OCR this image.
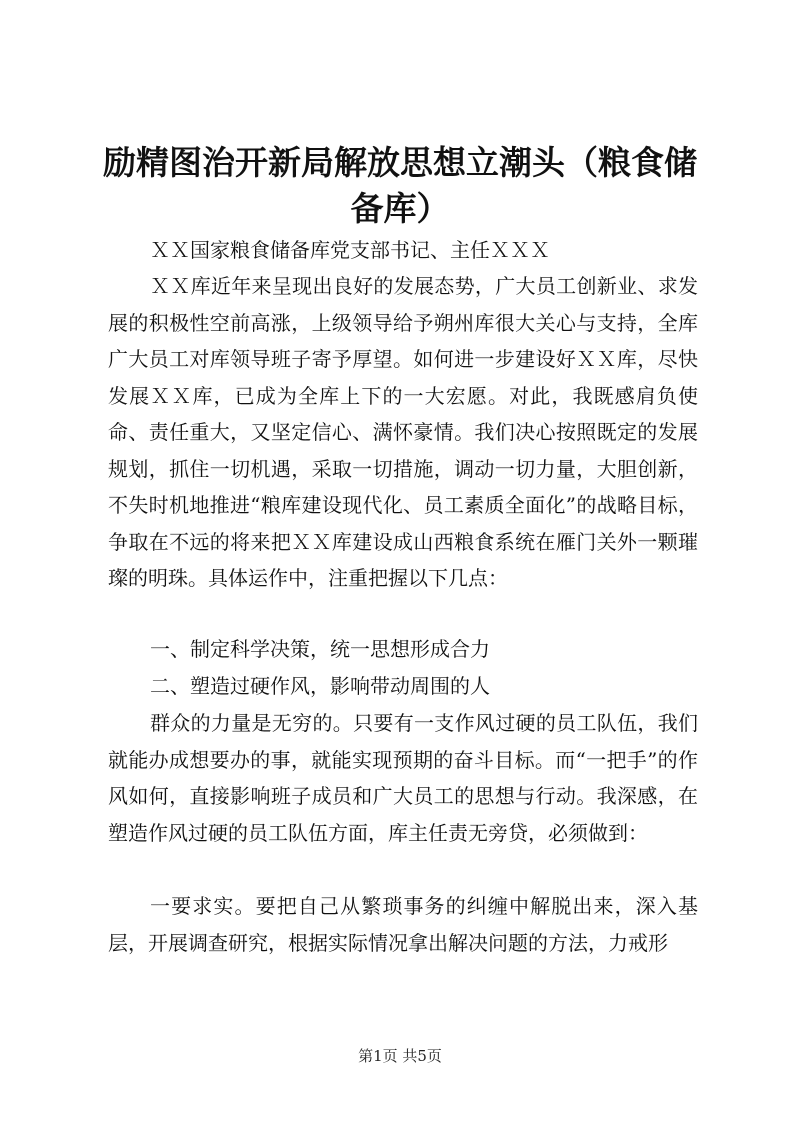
励精图治开新局解放思想立潮头（粮食储备库）

ＸＸ国家粮食储备库党支部书记、主任ＸＸＸ

ＸＸ库近年来呈现出良好的发展态势，广大员工创新业、求发展的积极性空前高涨，上级领导给予朔州库很大关心与支持，全库广大员工对库领导班子寄予厚望。如何进一步建设好ＸＸ库，尽快发展ＸＸ库，已成为全库上下的一大宏愿。对此，我既感肩负使命、责任重大，又坚定信心、满怀豪情。我们决心按照既定的发展规划，抓住一切机遇，采取一切措施，调动一切力量，大胆创新，不失时机地推进“粮库建设现代化、员工素质全面化”的战略目标，争取在不远的将来把ＸＸ库建设成山西粮食系统在雁门关外一颗璀璨的明珠。具体运作中，注重把握以下几点：

一、制定科学决策，统一思想形成合力

二、塑造过硬作风，影响带动周围的人

群众的力量是无穷的。只要有一支作风过硬的员工队伍，我们就能办成想要办的事，就能实现预期的奋斗目标。而“一把手”的作风如何，直接影响班子成员和广大员工的思想与行动。我深感，在塑造作风过硬的员工队伍方面，库主任责无旁贷，必须做到：

一要求实。要把自己从繁琐事务的纠缠中解脱出来，深入基层，开展调查研究，根据实际情况拿出解决问题的方法，力戒形

第1页 共5页
